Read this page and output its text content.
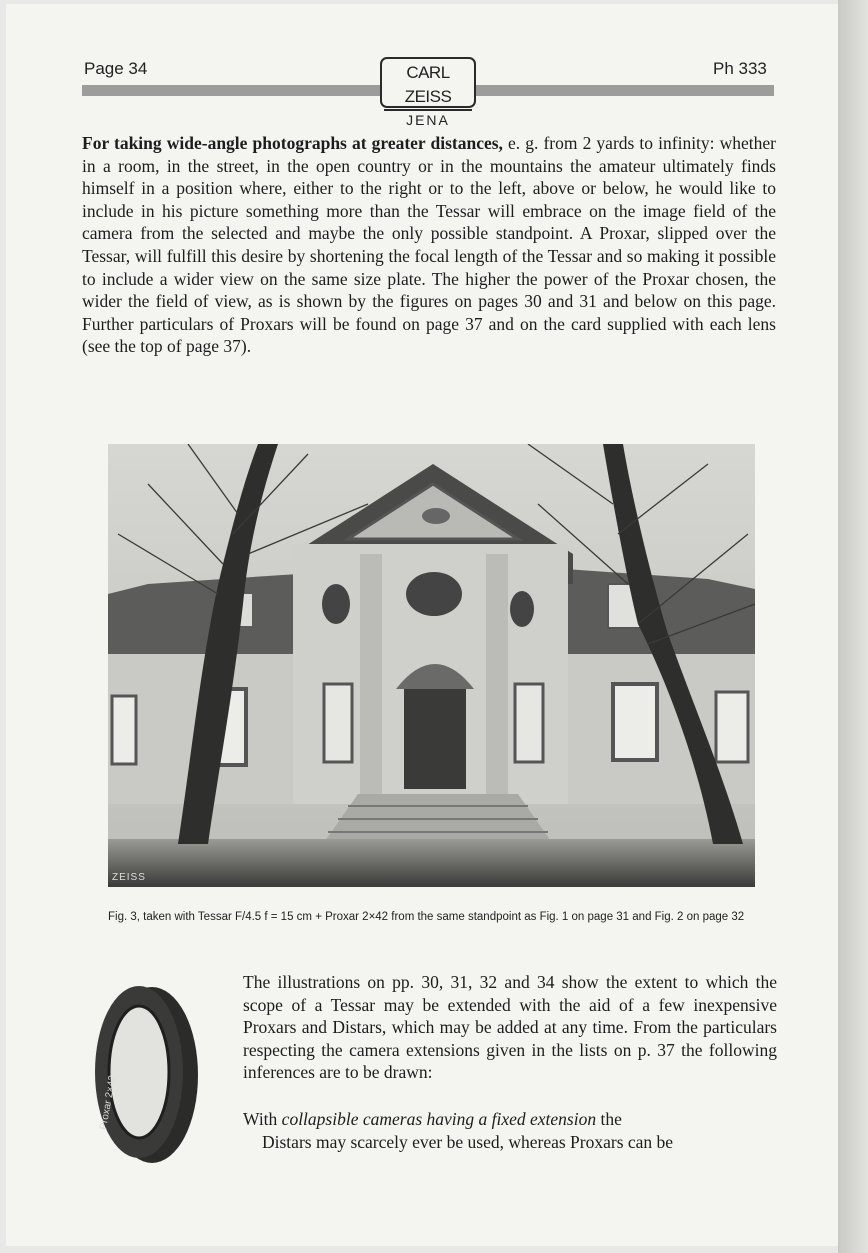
Page 34	Ph 333
CARL ZEISS
JENA

For taking wide-angle photographs at greater distances, e. g. from 2 yards to infinity: whether in a room, in the street, in the open country or in the mountains the amateur ultimately finds himself in a position where, either to the right or to the left, above or below, he would like to include in his picture something more than the Tessar will embrace on the image field of the camera from the selected and maybe the only possible standpoint. A Proxar, slipped over the Tessar, will fulfill this desire by shortening the focal length of the Tessar and so making it possible to include a wider view on the same size plate. The higher the power of the Proxar chosen, the wider the field of view, as is shown by the figures on pages 30 and 31 and below on this page. Further particulars of Proxars will be found on page 37 and on the card supplied with each lens (see the top of page 37).

ZEISS

Fig. 3, taken with Tessar F/4.5 f = 15 cm + Proxar 2×42 from the same standpoint as Fig. 1 on page 31 and Fig. 2 on page 32

Proxar 2×42

The illustrations on pp. 30, 31, 32 and 34 show the extent to which the scope of a Tessar may be extended with the aid of a few inexpensive Proxars and Distars, which may be added at any time. From the particulars respecting the camera extensions given in the lists on p. 37 the following inferences are to be drawn:

With collapsible cameras having a fixed extension the
Distars may scarcely ever be used, whereas Proxars can be
